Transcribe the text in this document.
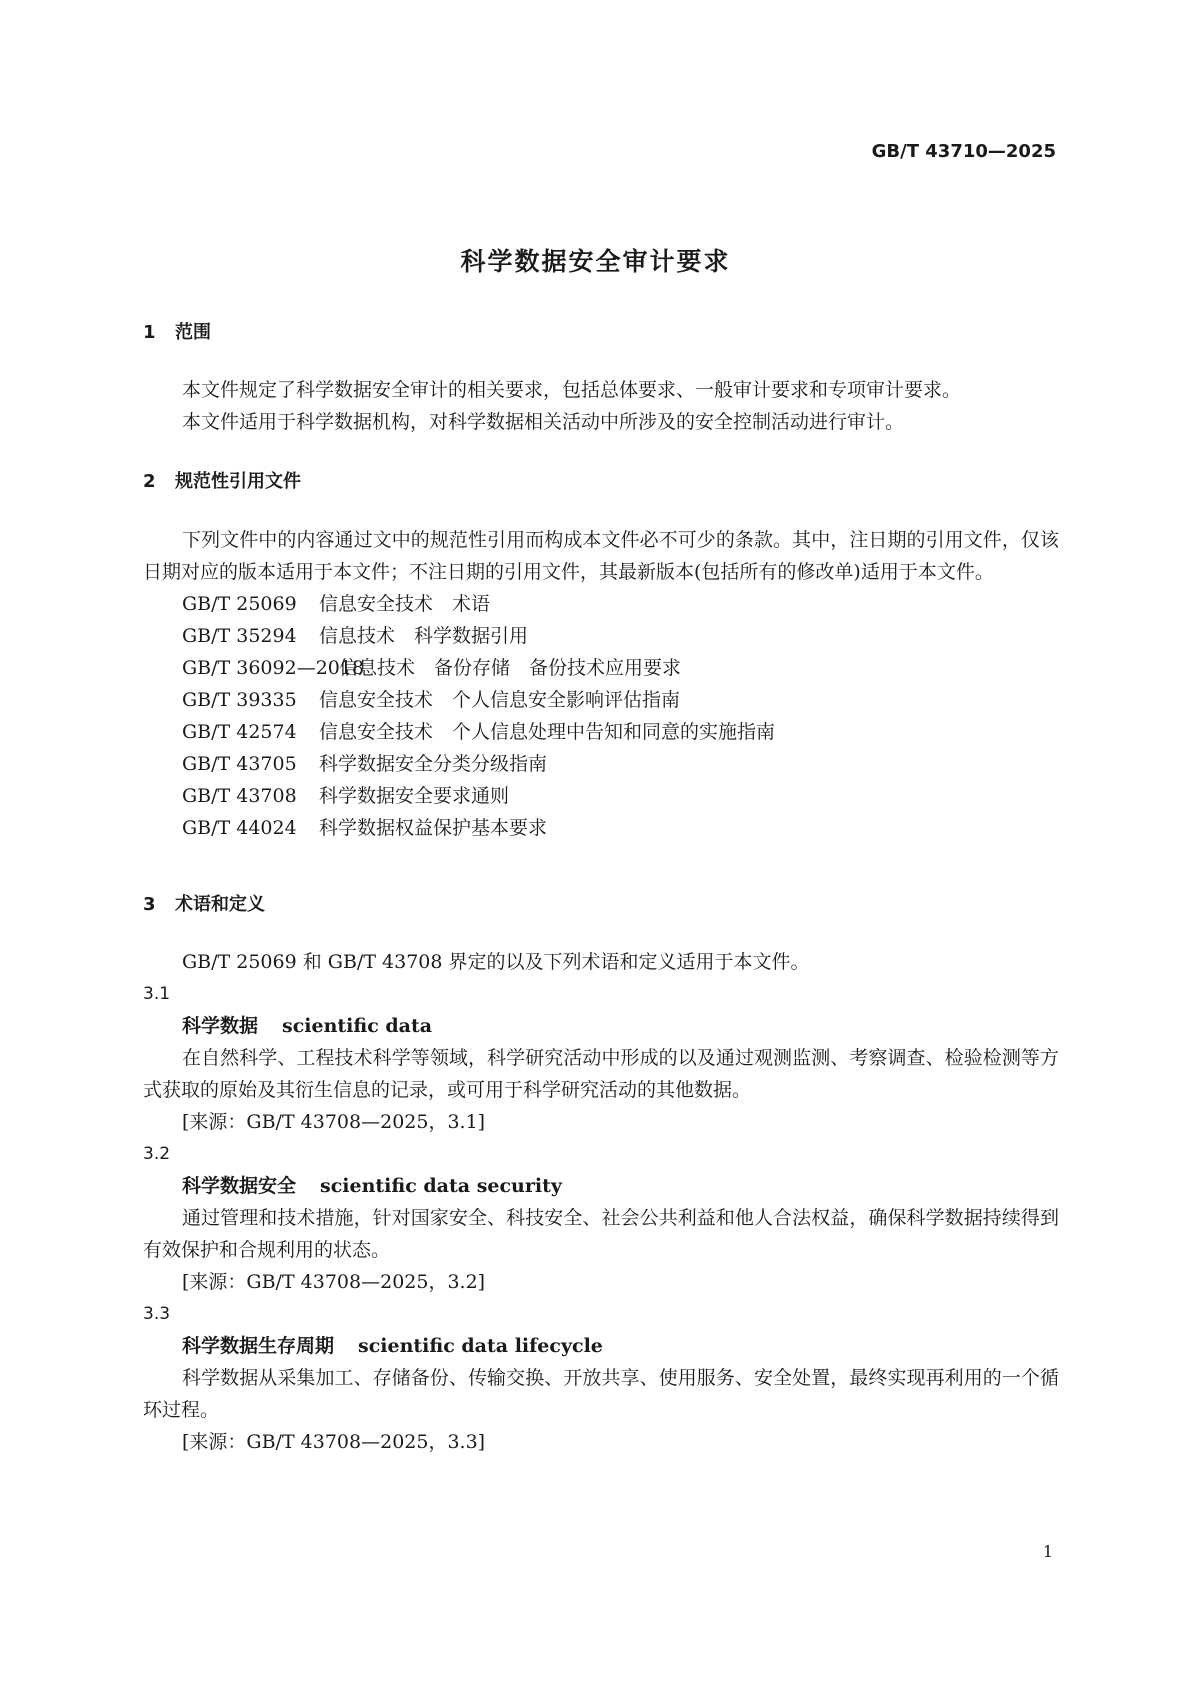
GB/T 43710—2025
科学数据安全审计要求
1 范围

本文件规定了科学数据安全审计的相关要求，包括总体要求、一般审计要求和专项审计要求。

本文件适用于科学数据机构，对科学数据相关活动中所涉及的安全控制活动进行审计。

2 规范性引用文件

下列文件中的内容通过文中的规范性引用而构成本文件必不可少的条款。其中，注日期的引用文件，仅该日期对应的版本适用于本文件；不注日期的引用文件，其最新版本(包括所有的修改单)适用于本文件。

GB/T 25069 信息安全技术　术语

GB/T 35294 信息技术　科学数据引用

GB/T 36092—2018信息技术　备份存储　备份技术应用要求

GB/T 39335 信息安全技术　个人信息安全影响评估指南

GB/T 42574 信息安全技术　个人信息处理中告知和同意的实施指南

GB/T 43705 科学数据安全分类分级指南

GB/T 43708 科学数据安全要求通则

GB/T 44024 科学数据权益保护基本要求

3 术语和定义

GB/T 25069 和 GB/T 43708 界定的以及下列术语和定义适用于本文件。

3.1

科学数据 scientific data

在自然科学、工程技术科学等领域，科学研究活动中形成的以及通过观测监测、考察调查、检验检测等方式获取的原始及其衍生信息的记录，或可用于科学研究活动的其他数据。

[来源：GB/T 43708—2025，3.1]

3.2

科学数据安全 scientific data security

通过管理和技术措施，针对国家安全、科技安全、社会公共利益和他人合法权益，确保科学数据持续得到有效保护和合规利用的状态。

[来源：GB/T 43708—2025，3.2]

3.3

科学数据生存周期 scientific data lifecycle

科学数据从采集加工、存储备份、传输交换、开放共享、使用服务、安全处置，最终实现再利用的一个循环过程。

[来源：GB/T 43708—2025，3.3]

1
